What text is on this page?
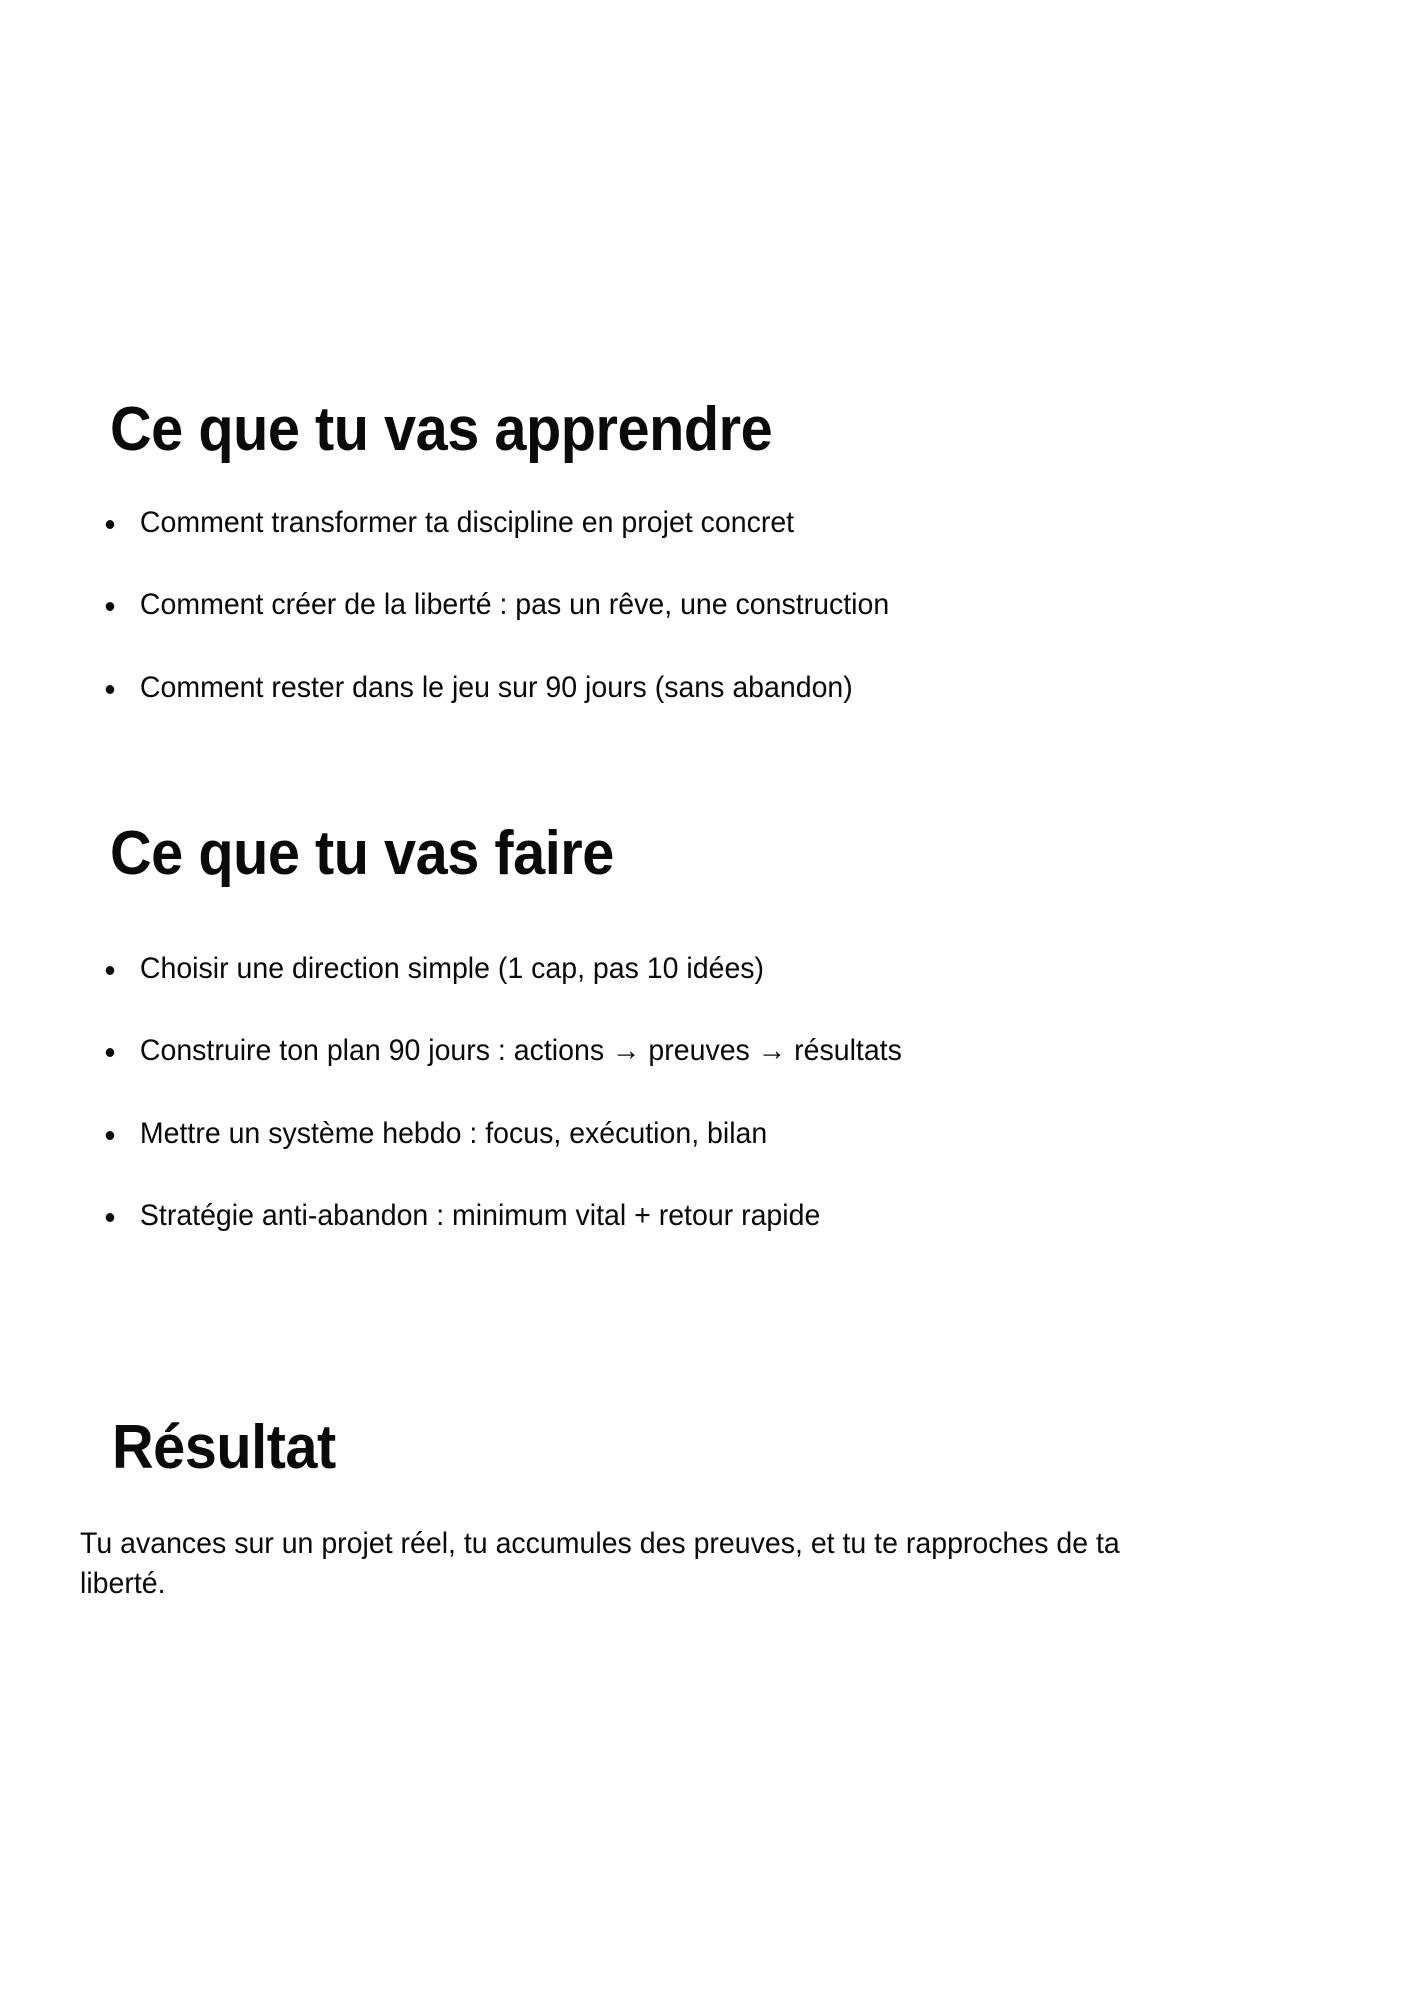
Ce que tu vas apprendre
Comment transformer ta discipline en projet concret
Comment créer de la liberté : pas un rêve, une construction
Comment rester dans le jeu sur 90 jours (sans abandon)
Ce que tu vas faire
Choisir une direction simple (1 cap, pas 10 idées)
Construire ton plan 90 jours : actions → preuves → résultats
Mettre un système hebdo : focus, exécution, bilan
Stratégie anti-abandon : minimum vital + retour rapide
Résultat

Tu avances sur un projet réel, tu accumules des preuves, et tu te rapproches de ta liberté.
